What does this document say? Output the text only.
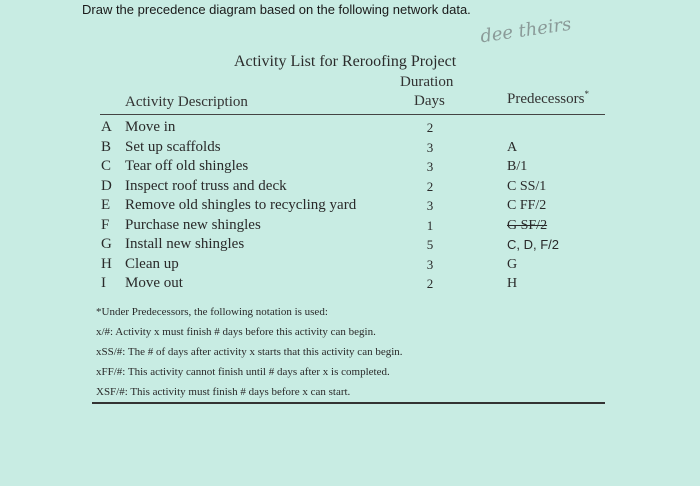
Draw the precedence diagram based on the following network data.
dee theirs
Activity List for Reroofing Project
Activity Description
Duration
Days	Predecessors*
A Move in	2
B Set up scaffolds	3	A
C Tear off old shingles	3	B/1
D Inspect roof truss and deck	2	C SS/1
E Remove old shingles to recycling yard	3	C FF/2
F	Purchase new shingles	1	G SF/2
G Install new shingles	5	C, D, F/2
H Clean up	3	G
I	Move out	2	H
*Under Predecessors, the following notation is used:
x/#: Activity x must finish # days before this activity can begin.
xSS/#: The # of days after activity x starts that this activity can begin.
xFF/#: This activity cannot finish until # days after x is completed.
XSF/#: This activity must finish # days before x can start.
